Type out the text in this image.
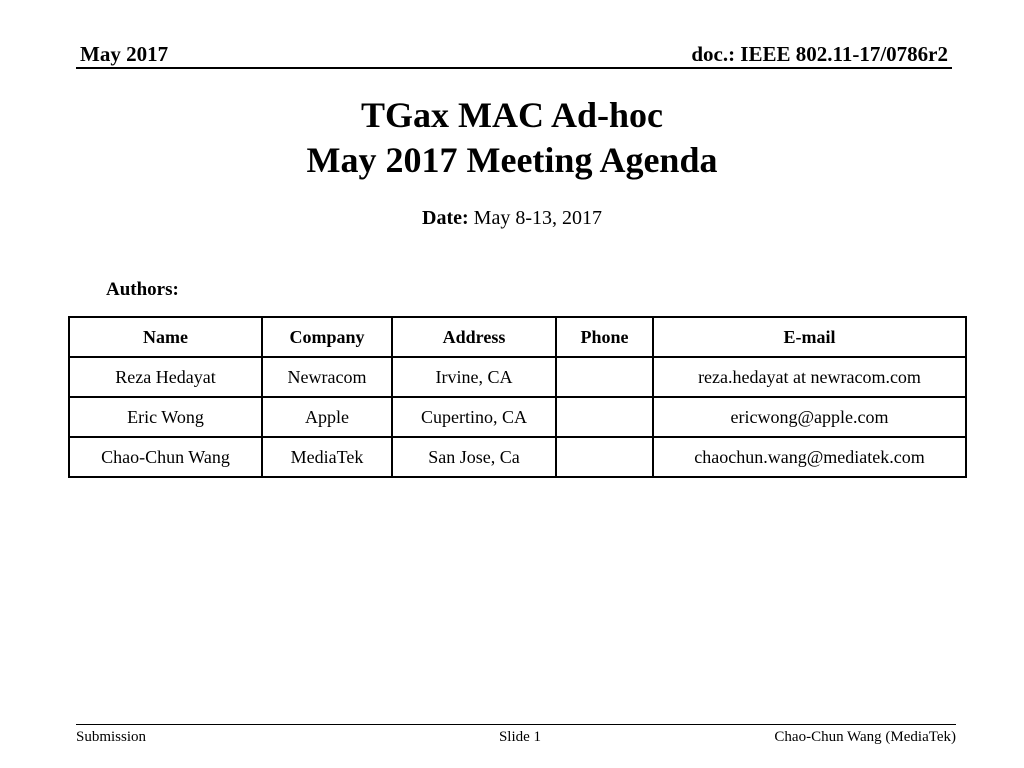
May 2017	doc.: IEEE 802.11-17/0786r2
TGax MAC Ad-hoc
May 2017 Meeting Agenda
Date: May 8-13, 2017
Authors:
Name	Company	Address	Phone	E-mail
Reza Hedayat	Newracom	Irvine, CA		reza.hedayat at newracom.com
Eric Wong	Apple	Cupertino, CA		ericwong@apple.com
Chao-Chun Wang	MediaTek	San Jose, Ca		chaochun.wang@mediatek.com
Submission	Slide 1	Chao-Chun Wang (MediaTek)
